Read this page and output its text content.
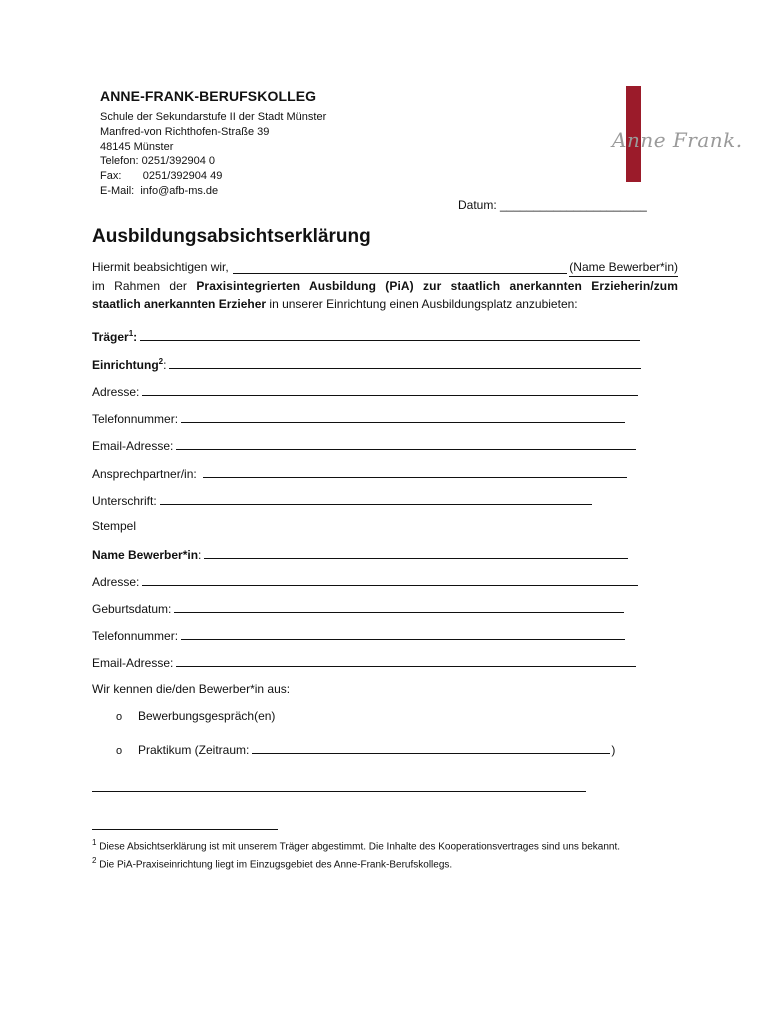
ANNE-FRANK-BERUFSKOLLEG
Schule der Sekundarstufe II der Stadt Münster
Manfred-von Richthofen-Straße 39
48145 Münster
Telefon: 0251/392904 0
Fax:       0251/392904 49
E-Mail:  info@afb-ms.de
Anne Frank.
Datum: ______________________
Ausbildungsabsichtserklärung
Hiermit beabsichtigen wir,	(Name Bewerber*in)
im Rahmen der Praxisintegrierten Ausbildung (PiA) zur staatlich anerkannten Erzieherin/zum
staatlich anerkannten Erzieher in unserer Einrichtung einen Ausbildungsplatz anzubieten:
Träger$^1$:
Einrichtung$^2$ :
Adresse:
Telefonnummer:
Email-Adresse:
Ansprechpartner/in:
Unterschrift:
Stempel
Name Bewerber*in :
Adresse:
Geburtsdatum:
Telefonnummer:
Email-Adresse:
Wir kennen die/den Bewerber*in aus:
o	Bewerbungsgespräch(en)
o	Praktikum (Zeitraum:	)
$^1$ Diese Absichtserklärung ist mit unserem Träger abgestimmt. Die Inhalte des Kooperationsvertrages sind uns bekannt.
$^2$ Die PiA-Praxiseinrichtung liegt im Einzugsgebiet des Anne-Frank-Berufskollegs.
